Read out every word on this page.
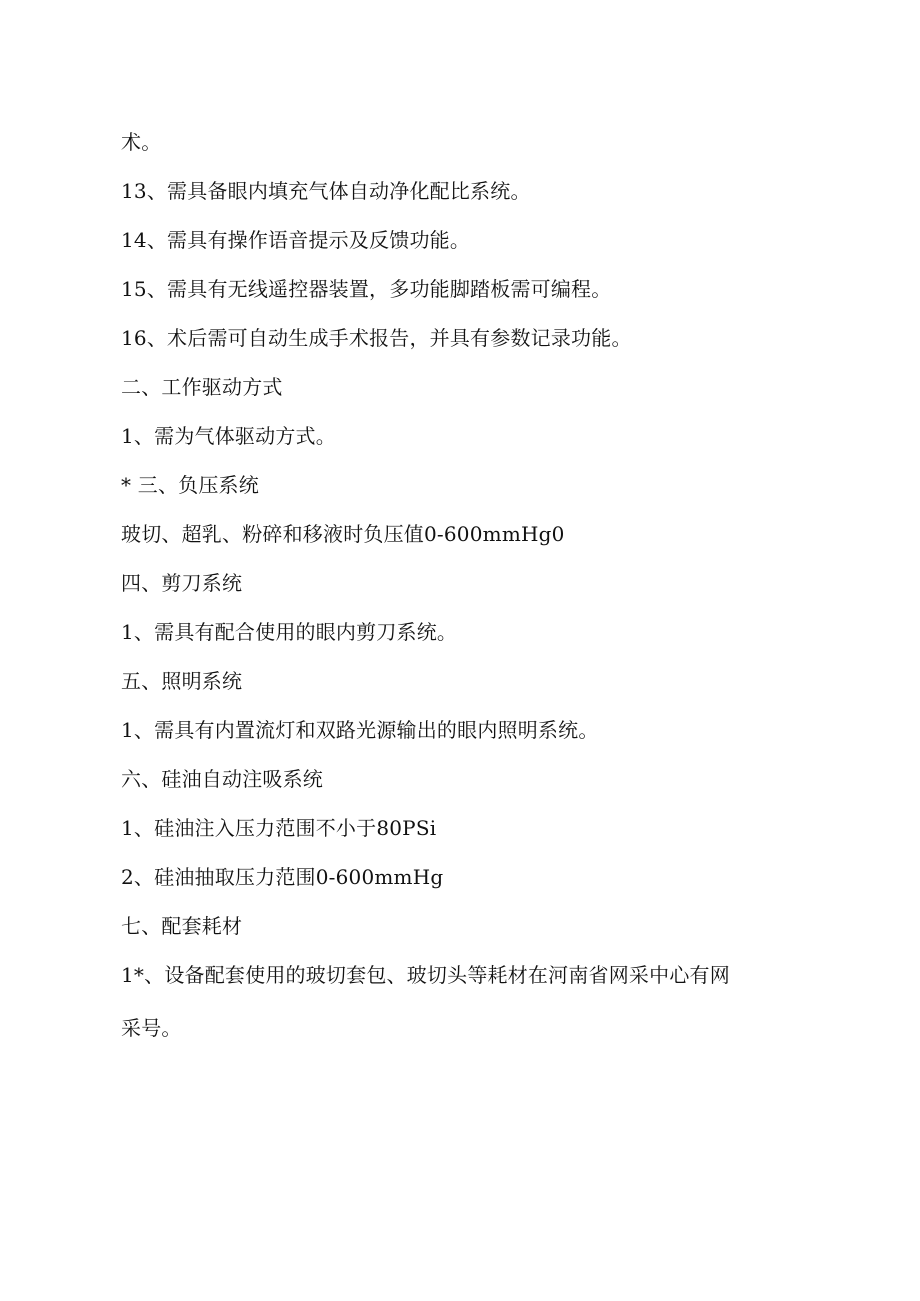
术。
13、需具备眼内填充气体自动净化配比系统。
14、需具有操作语音提示及反馈功能。
15、需具有无线遥控器装置，多功能脚踏板需可编程。
16、术后需可自动生成手术报告，并具有参数记录功能。
二、工作驱动方式
1、需为气体驱动方式。
* 三、负压系统
玻切、超乳、粉碎和移液时负压值0-600mmHg0
四、剪刀系统
1、需具有配合使用的眼内剪刀系统。
五、照明系统
1、需具有内置流灯和双路光源输出的眼内照明系统。
六、硅油自动注吸系统
1、硅油注入压力范围不小于80PSi
2、硅油抽取压力范围0-600mmHg
七、配套耗材
1*、设备配套使用的玻切套包、玻切头等耗材在河南省网采中心有网
采号。
